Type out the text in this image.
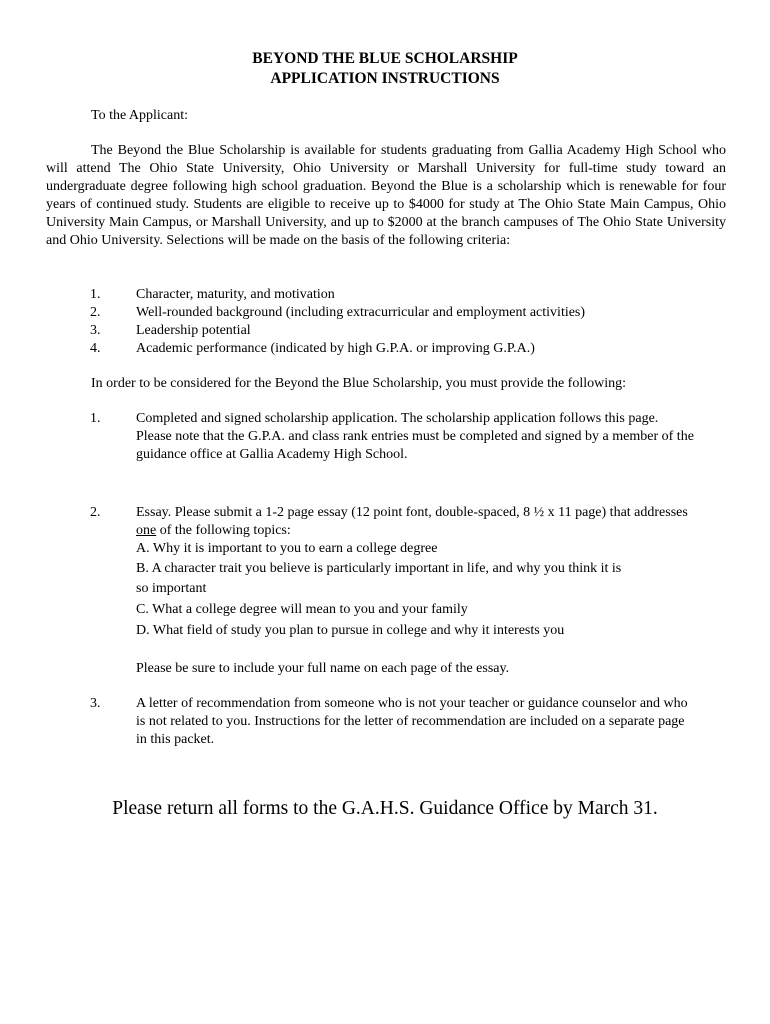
BEYOND THE BLUE SCHOLARSHIP
APPLICATION INSTRUCTIONS

To the Applicant:

The Beyond the Blue Scholarship is available for students graduating from Gallia Academy High School who will attend The Ohio State University, Ohio University or Marshall University for full-time study toward an undergraduate degree following high school graduation. Beyond the Blue is a scholarship which is renewable for four years of continued study. Students are eligible to receive up to $4000 for study at The Ohio State Main Campus, Ohio University Main Campus, or Marshall University, and up to $2000 at the branch campuses of The Ohio State University and Ohio University. Selections will be made on the basis of the following criteria:

1.	Character, maturity, and motivation
2.	Well-rounded background (including extracurricular and employment activities)
3.	Leadership potential
4.	Academic performance (indicated by high G.P.A. or improving G.P.A.)

In order to be considered for the Beyond the Blue Scholarship, you must provide the following:

1.	Completed and signed scholarship application. The scholarship application follows this page. Please note that the G.P.A. and class rank entries must be completed and signed by a member of the guidance office at Gallia Academy High School.

2.	Essay. Please submit a 1-2 page essay (12 point font, double-spaced, 8 ½ x 11 page) that addresses one of the following topics:

A. Why it is important to you to earn a college degree
B. A character trait you believe is particularly important in life, and why you think it is
so important
C. What a college degree will mean to you and your family
D. What field of study you plan to pursue in college and why it interests you
Please be sure to include your full name on each page of the essay.
3.	A letter of recommendation from someone who is not your teacher or guidance counselor and who is not related to you. Instructions for the letter of recommendation are included on a separate page in this packet.

Please return all forms to the G.A.H.S. Guidance Office by March 31.
